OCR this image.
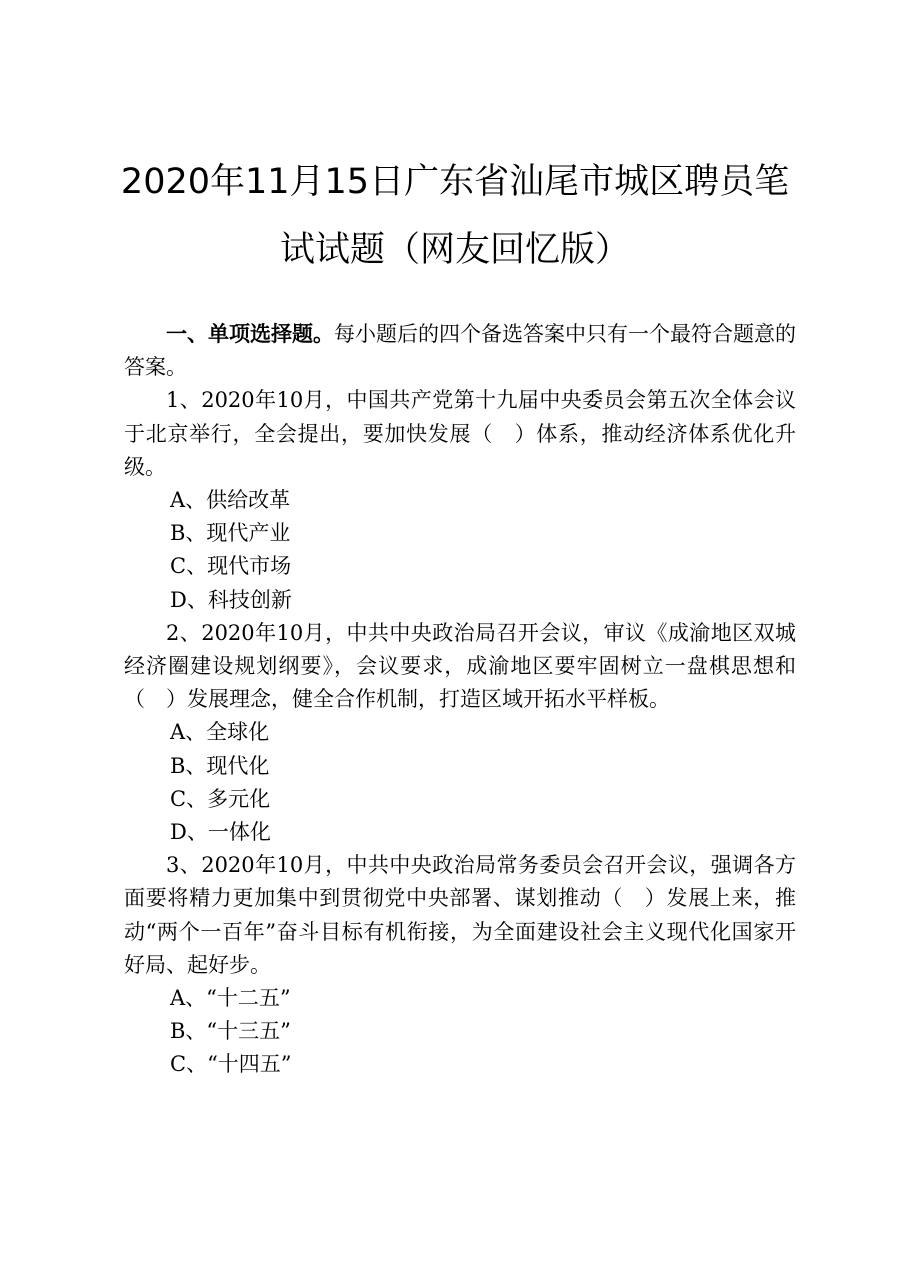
2020年11月15日广东省汕尾市城区聘员笔
试试题（网友回忆版）

一、单项选择题。每小题后的四个备选答案中只有一个最符合题意的答案。

1、2020年10月，中国共产党第十九届中央委员会第五次全体会议于北京举行，全会提出，要加快发展（　）体系，推动经济体系优化升级。

A、供给改革

B、现代产业

C、现代市场

D、科技创新

2、2020年10月，中共中央政治局召开会议，审议《成渝地区双城经济圈建设规划纲要》，会议要求，成渝地区要牢固树立一盘棋思想和（　）发展理念，健全合作机制，打造区域开拓水平样板。

A、全球化

B、现代化

C、多元化

D、一体化

3、2020年10月，中共中央政治局常务委员会召开会议，强调各方面要将精力更加集中到贯彻党中央部署、谋划推动（　）发展上来，推动“两个一百年”奋斗目标有机衔接，为全面建设社会主义现代化国家开好局、起好步。

A、“十二五”

B、“十三五”

C、“十四五”
